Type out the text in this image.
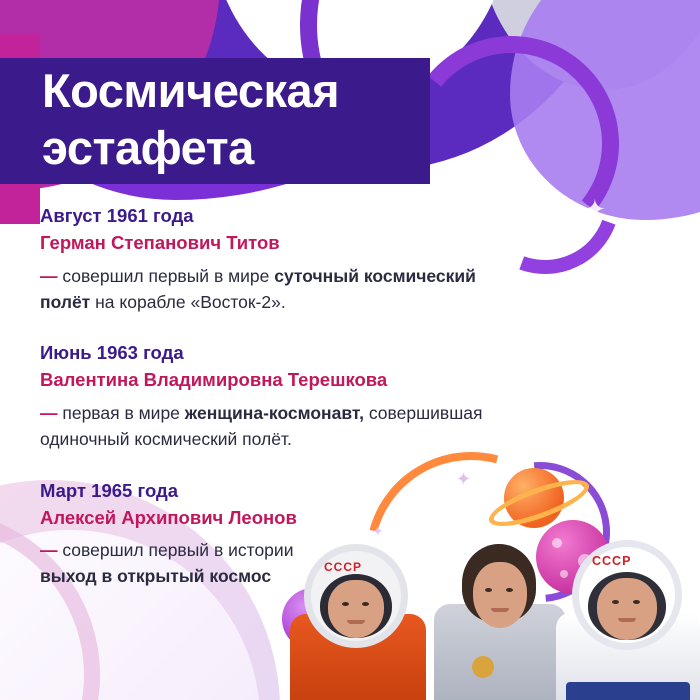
✦
✦
✦
✦
✦
Космическая
эстафета
Август 1961 года
Герман Степанович Титов
— совершил первый в мире суточный космический полёт на корабле «Восток-2».
Июнь 1963 года
Валентина Владимировна Терешкова
— первая в мире женщина-космонавт, совершившая одиночный космический полёт.
Март 1965 года
Алексей Архипович Леонов
— совершил первый в истории выход в открытый космос	СССР	СССР
